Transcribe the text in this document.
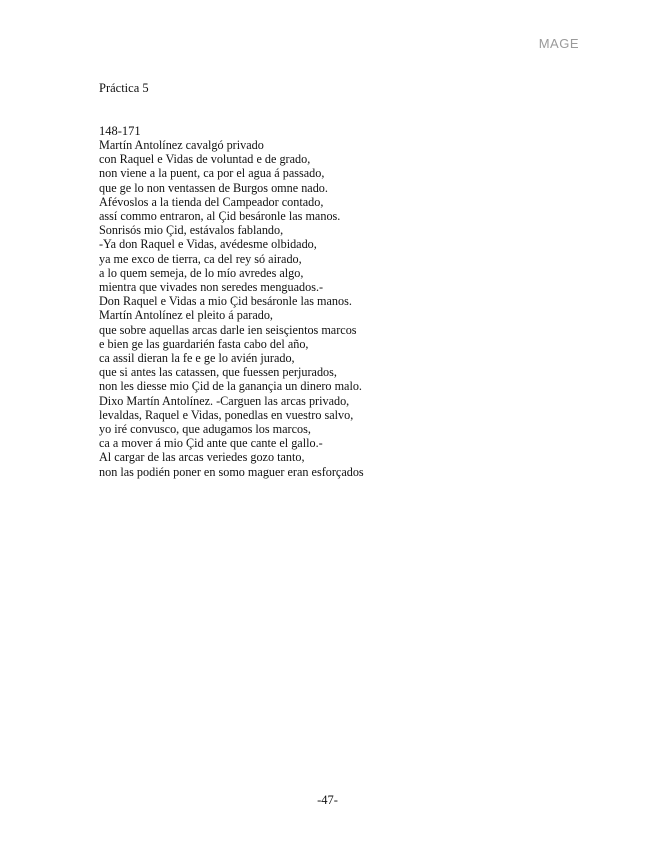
MAGE
Práctica 5
148-171
Martín Antolínez cavalgó privado
con Raquel e Vidas de voluntad e de grado,
non viene a la puent, ca por el agua á passado,
que ge lo non ventassen de Burgos omne nado.
Afévoslos a la tienda del Campeador contado,
assí commo entraron, al Çid besáronle las manos.
Sonrisós mio Çid, estávalos fablando,
-Ya don Raquel e Vidas, avédesme olbidado,
ya me exco de tierra, ca del rey só airado,
a lo quem semeja, de lo mío avredes algo,
mientra que vivades non seredes menguados.-
Don Raquel e Vidas a mio Çid besáronle las manos.
Martín Antolínez el pleito á parado,
que sobre aquellas arcas darle ien seisçientos marcos
e bien ge las guardarién fasta cabo del año,
ca assil dieran la fe e ge lo avién jurado,
que si antes las catassen, que fuessen perjurados,
non les diesse mio Çid de la ganançia un dinero malo.
Dixo Martín Antolínez. -Carguen las arcas privado,
levaldas, Raquel e Vidas, ponedlas en vuestro salvo,
yo iré convusco, que adugamos los marcos,
ca a mover á mio Çid ante que cante el gallo.-
Al cargar de las arcas veriedes gozo tanto,
non las podién poner en somo maguer eran esforçados
-47-
